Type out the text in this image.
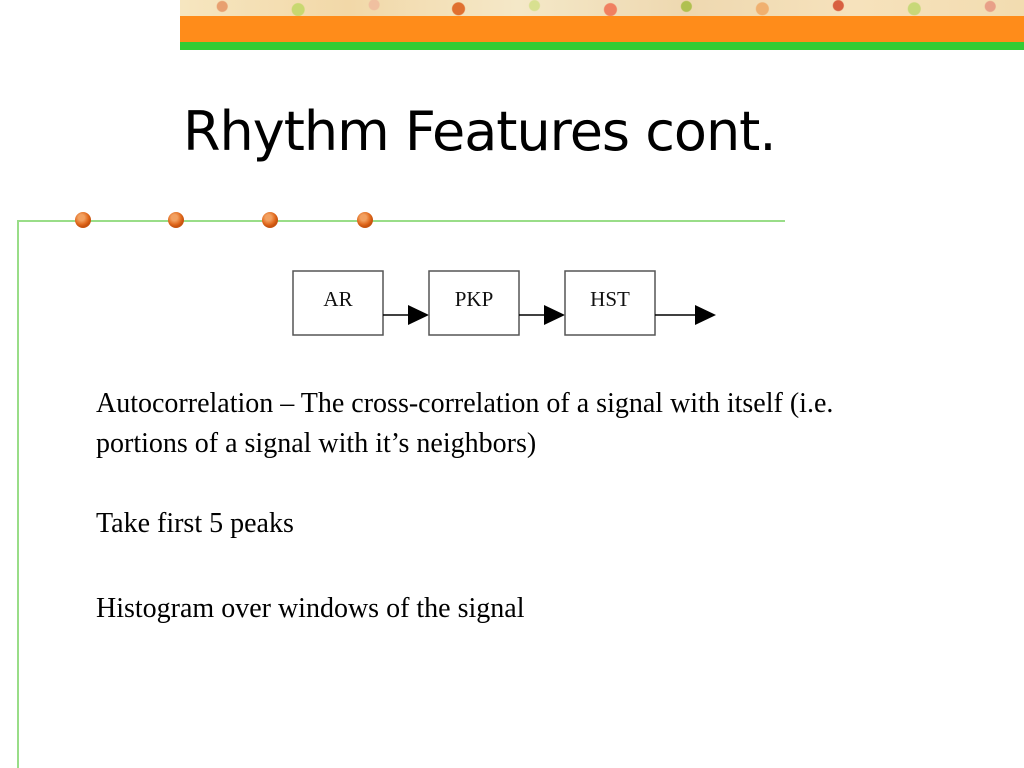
Rhythm Features cont.
AR	PKP	HST
Autocorrelation – The cross-correlation of a signal with itself (i.e. portions of a signal with it’s neighbors)
Take first 5 peaks
Histogram over windows of the signal
